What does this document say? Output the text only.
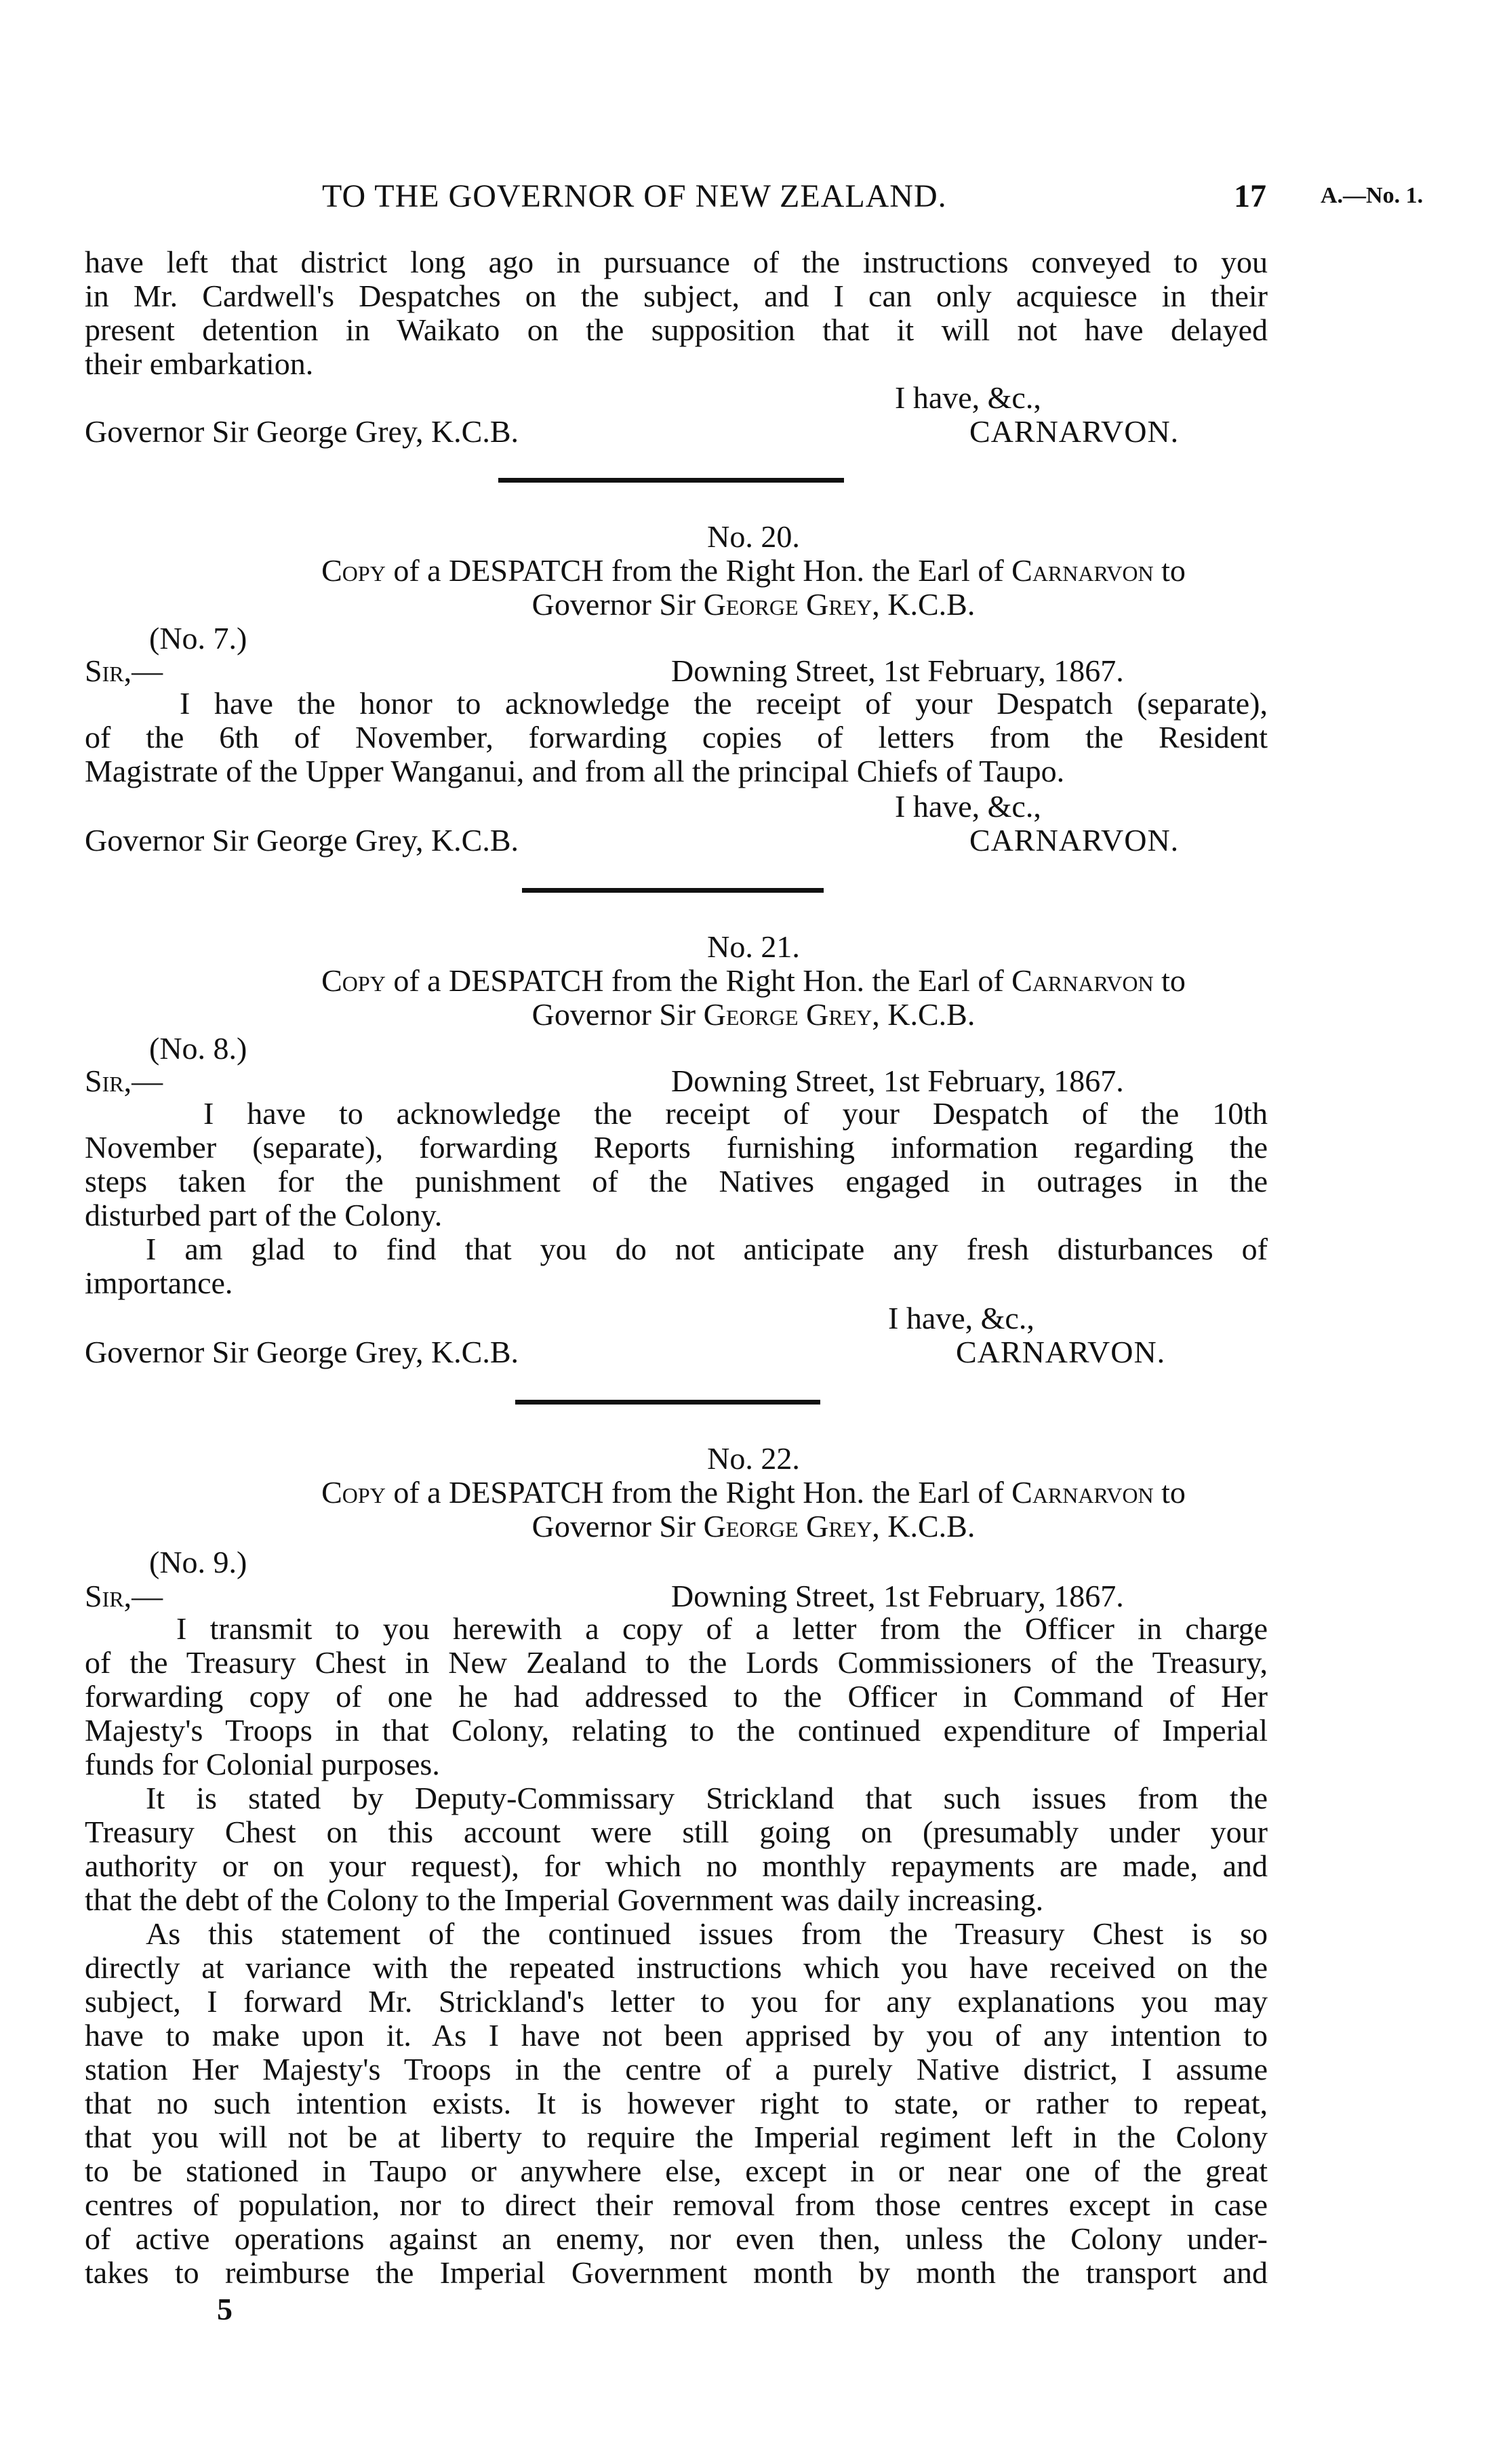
TO THE GOVERNOR OF NEW ZEALAND.	17 A.—No. 1.
have left that district long ago in pursuance of the instructions conveyed to you
in Mr. Cardwell's Despatches on the subject, and I can only acquiesce in their
present detention in Waikato on the supposition that it will not have delayed
their embarkation.
I have, &c.,
Governor Sir George Grey, K.C.B.	CARNARVON.
No. 20.
Copy of a DESPATCH from the Right Hon. the Earl of Carnarvon to
Governor Sir George Grey, K.C.B.
(No. 7.)
Sir,—	Downing Street, 1st February, 1867.
I have the honor to acknowledge the receipt of your Despatch (separate),
of the 6th of November, forwarding copies of letters from the Resident
Magistrate of the Upper Wanganui, and from all the principal Chiefs of Taupo.
I have, &c.,
Governor Sir George Grey, K.C.B.	CARNARVON.
No. 21.
Copy of a DESPATCH from the Right Hon. the Earl of Carnarvon to
Governor Sir George Grey, K.C.B.
(No. 8.)
Sir,—	Downing Street, 1st February, 1867.
I have to acknowledge the receipt of your Despatch of the 10th
November (separate), forwarding Reports furnishing information regarding the
steps taken for the punishment of the Natives engaged in outrages in the
disturbed part of the Colony.
I am glad to find that you do not anticipate any fresh disturbances of
importance.
I have, &c.,
Governor Sir George Grey, K.C.B.	CARNARVON.
No. 22.
Copy of a DESPATCH from the Right Hon. the Earl of Carnarvon to
Governor Sir George Grey, K.C.B.
(No. 9.)
Sir,—	Downing Street, 1st February, 1867.
I transmit to you herewith a copy of a letter from the Officer in charge
of the Treasury Chest in New Zealand to the Lords Commissioners of the Treasury,
forwarding copy of one he had addressed to the Officer in Command of Her
Majesty's Troops in that Colony, relating to the continued expenditure of Imperial
funds for Colonial purposes.
It is stated by Deputy-Commissary Strickland that such issues from the
Treasury Chest on this account were still going on (presumably under your
authority or on your request), for which no monthly repayments are made, and
that the debt of the Colony to the Imperial Government was daily increasing.
As this statement of the continued issues from the Treasury Chest is so
directly at variance with the repeated instructions which you have received on the
subject, I forward Mr. Strickland's letter to you for any explanations you may
have to make upon it. As I have not been apprised by you of any intention to
station Her Majesty's Troops in the centre of a purely Native district, I assume
that no such intention exists. It is however right to state, or rather to repeat,
that you will not be at liberty to require the Imperial regiment left in the Colony
to be stationed in Taupo or anywhere else, except in or near one of the great
centres of population, nor to direct their removal from those centres except in case
of active operations against an enemy, nor even then, unless the Colony under-
takes to reimburse the Imperial Government month by month the transport and
5
